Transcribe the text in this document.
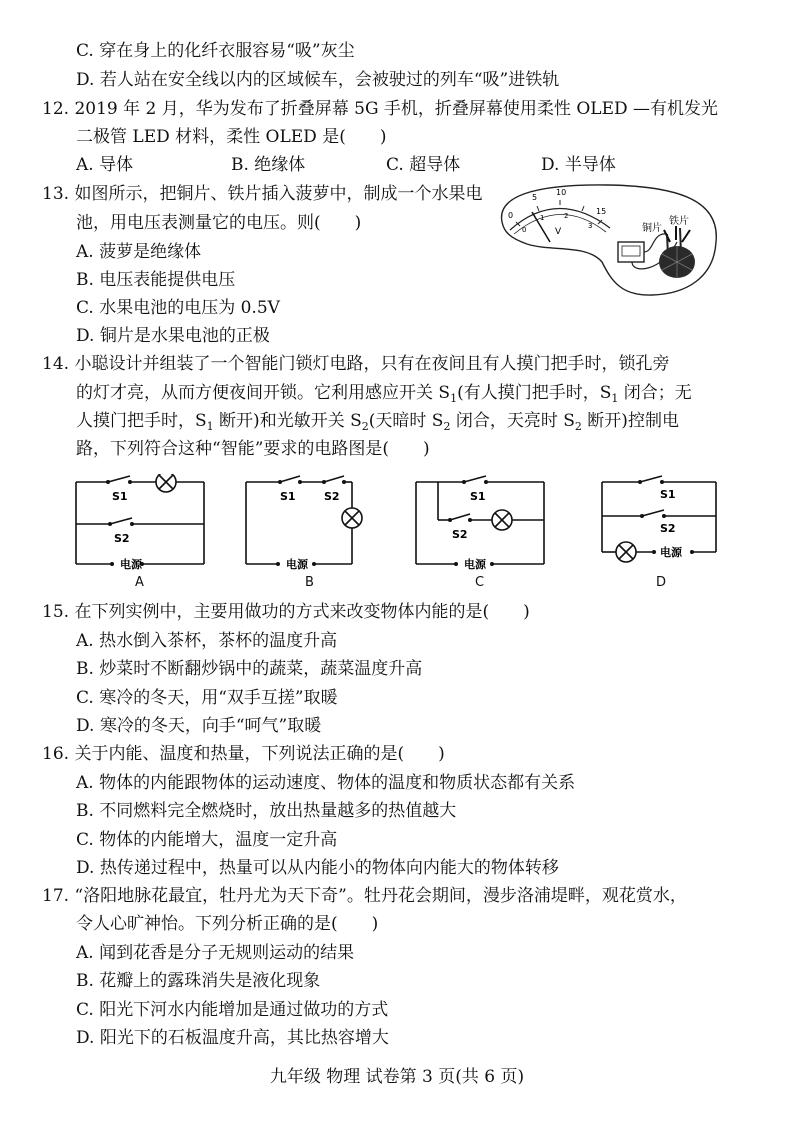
C. 穿在身上的化纤衣服容易“吸”灰尘
D. 若人站在安全线以内的区域候车，会被驶过的列车“吸”进铁轨
12. 2019 年 2 月，华为发布了折叠屏幕 5G 手机，折叠屏幕使用柔性 OLED —有机发光
二极管 LED 材料，柔性 OLED 是(　　)
A. 导体	B. 绝缘体	C. 超导体	D. 半导体
13. 如图所示，把铜片、铁片插入菠萝中，制成一个水果电
池，用电压表测量它的电压。则(　　)
A. 菠萝是绝缘体
B. 电压表能提供电压
C. 水果电池的电压为 0.5V
D. 铜片是水果电池的正极
0
5
10
15
0
1	2
3
V	铜片
铁片
14. 小聪设计并组装了一个智能门锁灯电路，只有在夜间且有人摸门把手时，锁孔旁
的灯才亮，从而方便夜间开锁。它利用感应开关 $S_1$(有人摸门把手时，$S_1$ 闭合；无
人摸门把手时，$S_1$ 断开)和光敏开关 $S_2$(天暗时 $S_2$ 闭合，天亮时 $S_2$ 断开)控制电
路，下列符合这种“智能”要求的电路图是(　　)
S1
S2
电源
A
S1	S2
电源
B
S1
S2
电源
C
S1
S2
电源
D
15. 在下列实例中，主要用做功的方式来改变物体内能的是(　　)
A. 热水倒入茶杯，茶杯的温度升高
B. 炒菜时不断翻炒锅中的蔬菜，蔬菜温度升高
C. 寒冷的冬天，用“双手互搓”取暖
D. 寒冷的冬天，向手“呵气”取暖
16. 关于内能、温度和热量，下列说法正确的是(　　)
A. 物体的内能跟物体的运动速度、物体的温度和物质状态都有关系
B. 不同燃料完全燃烧时，放出热量越多的热值越大
C. 物体的内能增大，温度一定升高
D. 热传递过程中，热量可以从内能小的物体向内能大的物体转移
17. “洛阳地脉花最宜，牡丹尤为天下奇”。牡丹花会期间，漫步洛浦堤畔，观花赏水，
令人心旷神怡。下列分析正确的是(　　)
A. 闻到花香是分子无规则运动的结果
B. 花瓣上的露珠消失是液化现象
C. 阳光下河水内能增加是通过做功的方式
D. 阳光下的石板温度升高，其比热容增大
九年级 物理 试卷第 3 页(共 6 页)
